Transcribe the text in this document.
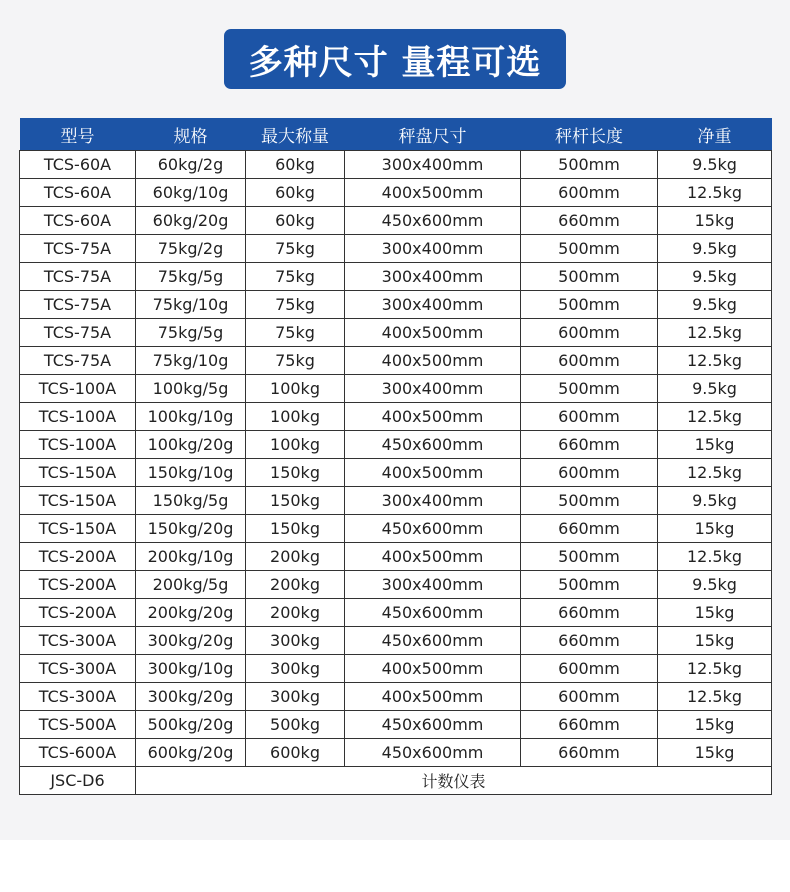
多种尺寸 量程可选
型号	规格	最大称量	秤盘尺寸	秤杆长度	净重
TCS-60A	60kg/2g	60kg	300x400mm	500mm	9.5kg
TCS-60A	60kg/10g	60kg	400x500mm	600mm	12.5kg
TCS-60A	60kg/20g	60kg	450x600mm	660mm	15kg
TCS-75A	75kg/2g	75kg	300x400mm	500mm	9.5kg
TCS-75A	75kg/5g	75kg	300x400mm	500mm	9.5kg
TCS-75A	75kg/10g	75kg	300x400mm	500mm	9.5kg
TCS-75A	75kg/5g	75kg	400x500mm	600mm	12.5kg
TCS-75A	75kg/10g	75kg	400x500mm	600mm	12.5kg
TCS-100A	100kg/5g	100kg	300x400mm	500mm	9.5kg
TCS-100A	100kg/10g	100kg	400x500mm	600mm	12.5kg
TCS-100A	100kg/20g	100kg	450x600mm	660mm	15kg
TCS-150A	150kg/10g	150kg	400x500mm	600mm	12.5kg
TCS-150A	150kg/5g	150kg	300x400mm	500mm	9.5kg
TCS-150A	150kg/20g	150kg	450x600mm	660mm	15kg
TCS-200A	200kg/10g	200kg	400x500mm	500mm	12.5kg
TCS-200A	200kg/5g	200kg	300x400mm	500mm	9.5kg
TCS-200A	200kg/20g	200kg	450x600mm	660mm	15kg
TCS-300A	300kg/20g	300kg	450x600mm	660mm	15kg
TCS-300A	300kg/10g	300kg	400x500mm	600mm	12.5kg
TCS-300A	300kg/20g	300kg	400x500mm	600mm	12.5kg
TCS-500A	500kg/20g	500kg	450x600mm	660mm	15kg
TCS-600A	600kg/20g	600kg	450x600mm	660mm	15kg
JSC-D6	计数仪表				
